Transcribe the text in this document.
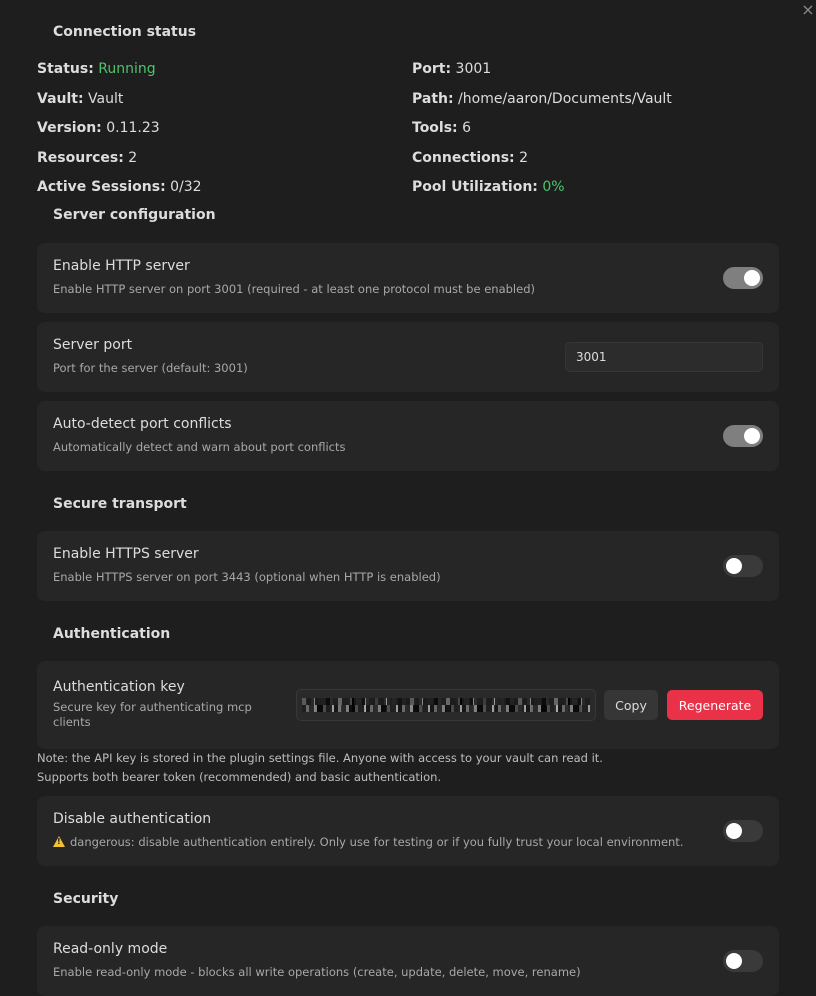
×
Connection status
Status: Running	Port: 3001
Vault: Vault	Path: /home/aaron/Documents/Vault
Version: 0.11.23	Tools: 6
Resources: 2	Connections: 2
Active Sessions: 0/32	Pool Utilization: 0%
Server configuration
Enable HTTP server
Enable HTTP server on port 3001 (required - at least one protocol must be enabled)
Server port
Port for the server (default: 3001)
3001
Auto-detect port conflicts
Automatically detect and warn about port conflicts
Secure transport
Enable HTTPS server
Enable HTTPS server on port 3443 (optional when HTTP is enabled)
Authentication
Authentication key
Secure key for authenticating mcp clients
Copy	Regenerate
Note: the API key is stored in the plugin settings file. Anyone with access to your vault can read it.
Supports both bearer token (recommended) and basic authentication.
Disable authentication
!dangerous: disable authentication entirely. Only use for testing or if you fully trust your local environment.
Security
Read-only mode
Enable read-only mode - blocks all write operations (create, update, delete, move, rename)
